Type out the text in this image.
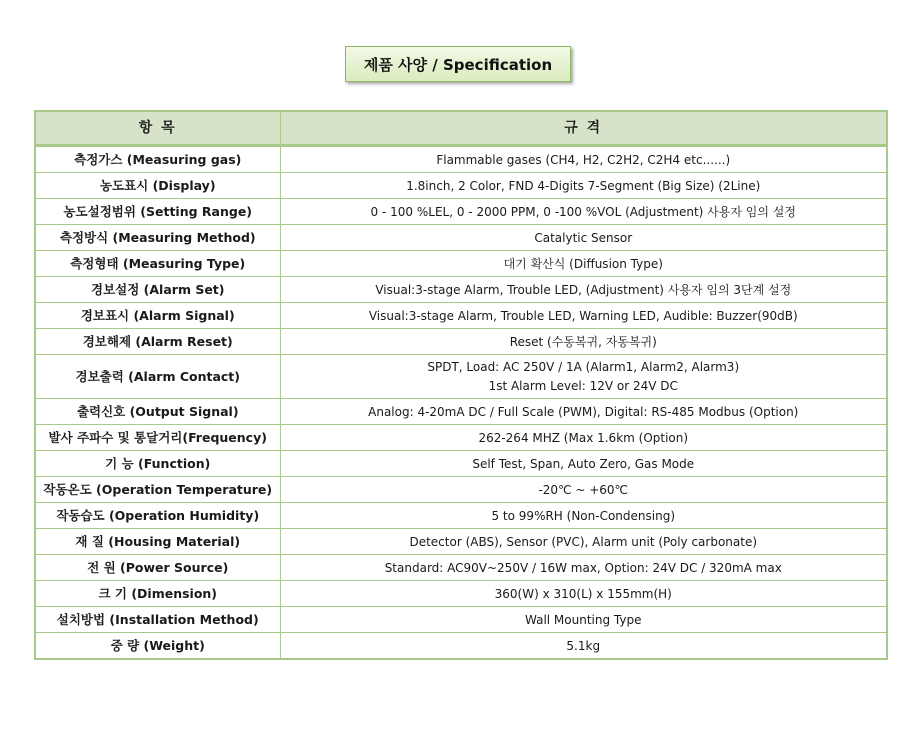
제품 사양 / Specification
항 목	규 격
측정가스 (Measuring gas)	Flammable gases (CH4, H2, C2H2, C2H4 etc......)
농도표시 (Display)	1.8inch, 2 Color, FND 4-Digits 7-Segment (Big Size) (2Line)
농도설정범위 (Setting Range)	0 - 100 %LEL, 0 - 2000 PPM, 0 -100 %VOL (Adjustment) 사용자 임의 설정
측정방식 (Measuring Method)	Catalytic Sensor
측정형태 (Measuring Type)	대기 확산식 (Diffusion Type)
경보설정 (Alarm Set)	Visual:3-stage Alarm, Trouble LED, (Adjustment) 사용자 임의 3단계 설정
경보표시 (Alarm Signal)	Visual:3-stage Alarm, Trouble LED, Warning LED, Audible: Buzzer(90dB)
경보해제 (Alarm Reset)	Reset (수동복귀, 자동복귀)
경보출력 (Alarm Contact)	SPDT, Load: AC 250V / 1A (Alarm1, Alarm2, Alarm3)
1st Alarm Level: 12V or 24V DC

출력신호 (Output Signal)	Analog: 4-20mA DC / Full Scale (PWM), Digital: RS-485 Modbus (Option)
발사 주파수 및 통달거리(Frequency)	262-264 MHZ (Max 1.6km (Option)
기 능 (Function)	Self Test, Span, Auto Zero, Gas Mode
작동온도 (Operation Temperature)	-20℃ ~ +60℃
작동습도 (Operation Humidity)	5 to 99%RH (Non-Condensing)
재 질 (Housing Material)	Detector (ABS), Sensor (PVC), Alarm unit (Poly carbonate)
전 원 (Power Source)	Standard: AC90V~250V / 16W max, Option: 24V DC / 320mA max
크 기 (Dimension)	360(W) x 310(L) x 155mm(H)
설치방법 (Installation Method)	Wall Mounting Type
중 량 (Weight)	5.1kg
